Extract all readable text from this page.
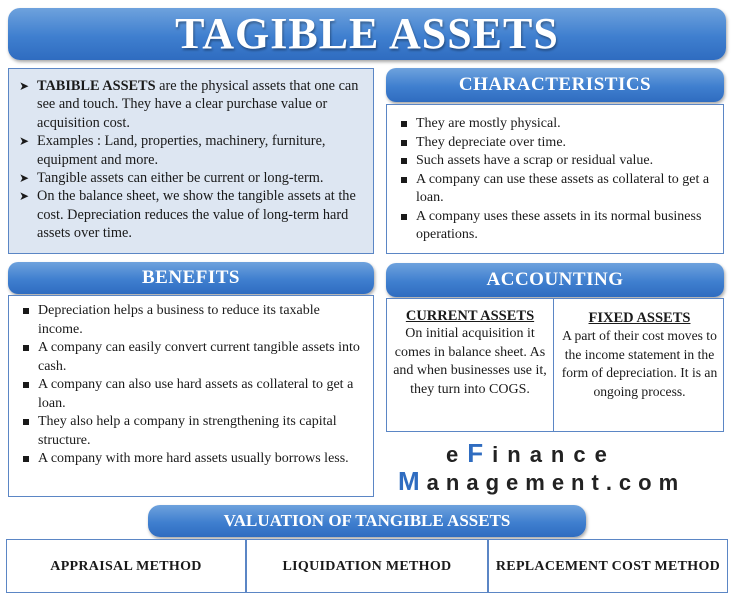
TAGIBLE ASSETS
➤ TABIBLE ASSETS are the physical assets that one can see and touch. They have a clear purchase value or acquisition cost.
➤ Examples : Land, properties, machinery, furniture, equipment and more.
➤ Tangible assets can either be current or long-term.
➤ On the balance sheet, we show the tangible assets at the cost. Depreciation reduces the value of long-term hard assets over time.
CHARACTERISTICS
They are mostly physical.
They depreciate over time.
Such assets have a scrap or residual value.
A company can use these assets as collateral to get a loan.
A company uses these assets in its normal business operations.
BENEFITS
Depreciation helps a business to reduce its taxable income.
A company can easily convert current tangible assets into cash.
A company can also use hard assets as collateral to get a loan.
They also help a company in strengthening its capital structure.
A company with more hard assets usually borrows less.
ACCOUNTING
CURRENT ASSETS
On initial acquisition it comes in balance sheet. As and when businesses use it, they turn into COGS.
FIXED ASSETS
A part of their cost moves to the income statement in the form of depreciation. It is an ongoing process.
eFinance
Management.com
VALUATION OF TANGIBLE ASSETS
APPRAISAL METHOD	LIQUIDATION METHOD	REPLACEMENT COST METHOD
